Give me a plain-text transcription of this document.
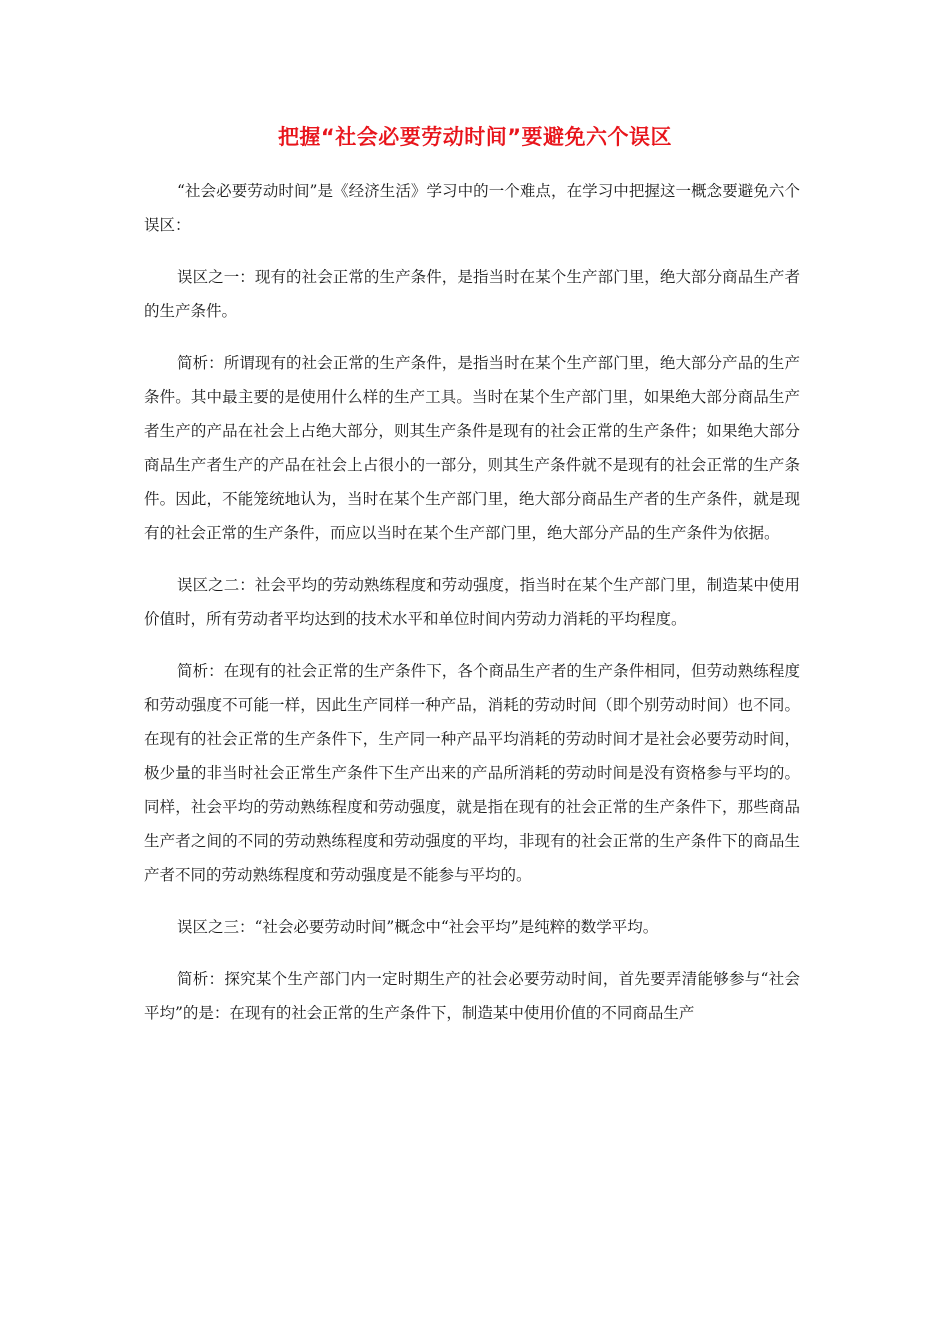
把握“社会必要劳动时间”要避免六个误区

“社会必要劳动时间”是《经济生活》学习中的一个难点，在学习中把握这一概念要避免六个误区：

误区之一：现有的社会正常的生产条件，是指当时在某个生产部门里，绝大部分商品生产者的生产条件。

简析：所谓现有的社会正常的生产条件，是指当时在某个生产部门里，绝大部分产品的生产条件。其中最主要的是使用什么样的生产工具。当时在某个生产部门里，如果绝大部分商品生产者生产的产品在社会上占绝大部分，则其生产条件是现有的社会正常的生产条件；如果绝大部分商品生产者生产的产品在社会上占很小的一部分，则其生产条件就不是现有的社会正常的生产条件。因此，不能笼统地认为，当时在某个生产部门里，绝大部分商品生产者的生产条件，就是现有的社会正常的生产条件，而应以当时在某个生产部门里，绝大部分产品的生产条件为依据。

误区之二：社会平均的劳动熟练程度和劳动强度，指当时在某个生产部门里，制造某中使用价值时，所有劳动者平均达到的技术水平和单位时间内劳动力消耗的平均程度。

简析：在现有的社会正常的生产条件下，各个商品生产者的生产条件相同，但劳动熟练程度和劳动强度不可能一样，因此生产同样一种产品，消耗的劳动时间（即个别劳动时间）也不同。在现有的社会正常的生产条件下，生产同一种产品平均消耗的劳动时间才是社会必要劳动时间，极少量的非当时社会正常生产条件下生产出来的产品所消耗的劳动时间是没有资格参与平均的。同样，社会平均的劳动熟练程度和劳动强度，就是指在现有的社会正常的生产条件下，那些商品生产者之间的不同的劳动熟练程度和劳动强度的平均，非现有的社会正常的生产条件下的商品生产者不同的劳动熟练程度和劳动强度是不能参与平均的。

误区之三：“社会必要劳动时间”概念中“社会平均”是纯粹的数学平均。

简析：探究某个生产部门内一定时期生产的社会必要劳动时间，首先要弄清能够参与“社会平均”的是：在现有的社会正常的生产条件下，制造某中使用价值的不同商品生产
